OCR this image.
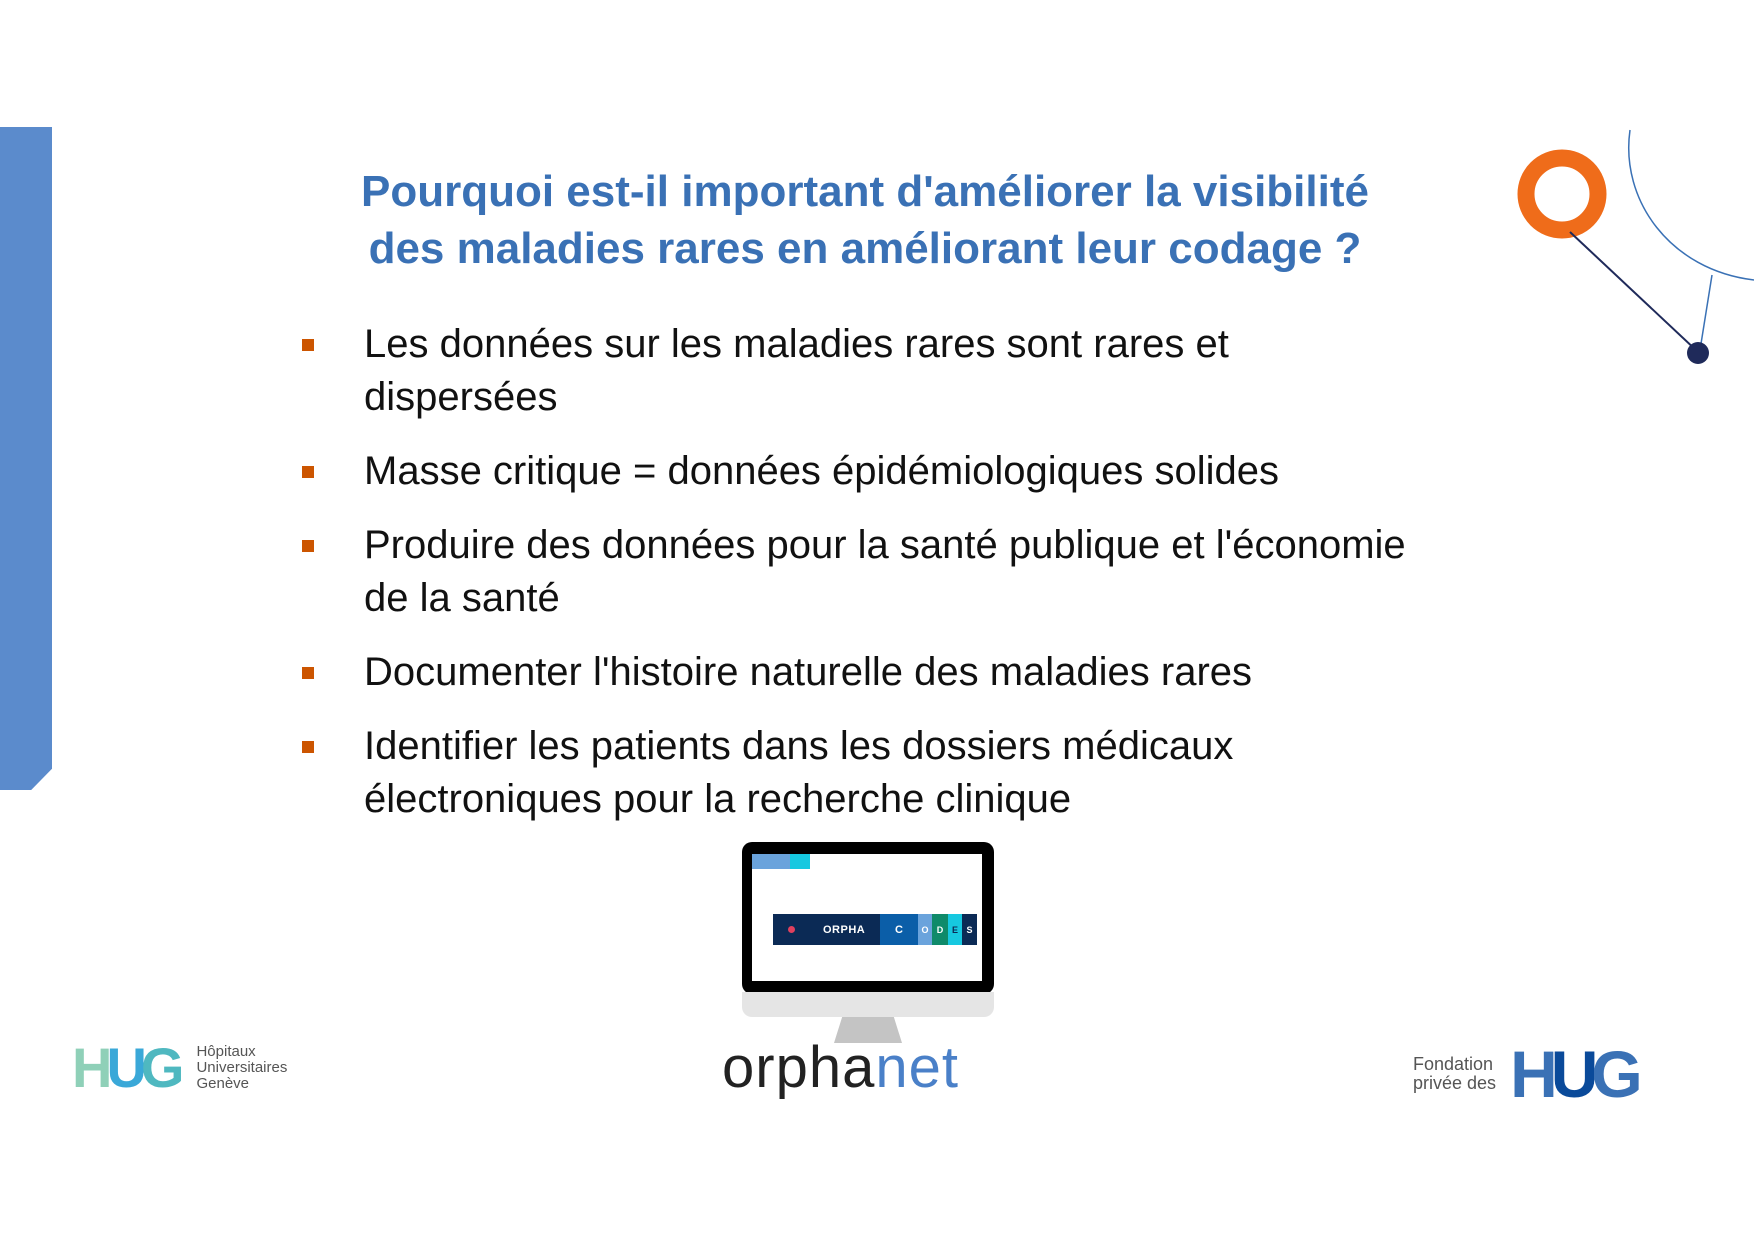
Pourquoi est-il important d'améliorer la visibilité
des maladies rares en améliorant leur codage ?
Les données sur les maladies rares sont rares et dispersées
Masse critique = données épidémiologiques solides
Produire des données pour la santé publique et l'économie de la santé
Documenter l'histoire naturelle des maladies rares
Identifier les patients dans les dossiers médicaux électroniques pour la recherche clinique
ORPHA	C	O D E S
orphanet
HUG Hôpitaux
Universitaires
Genève
Fondation
privée des HUG
